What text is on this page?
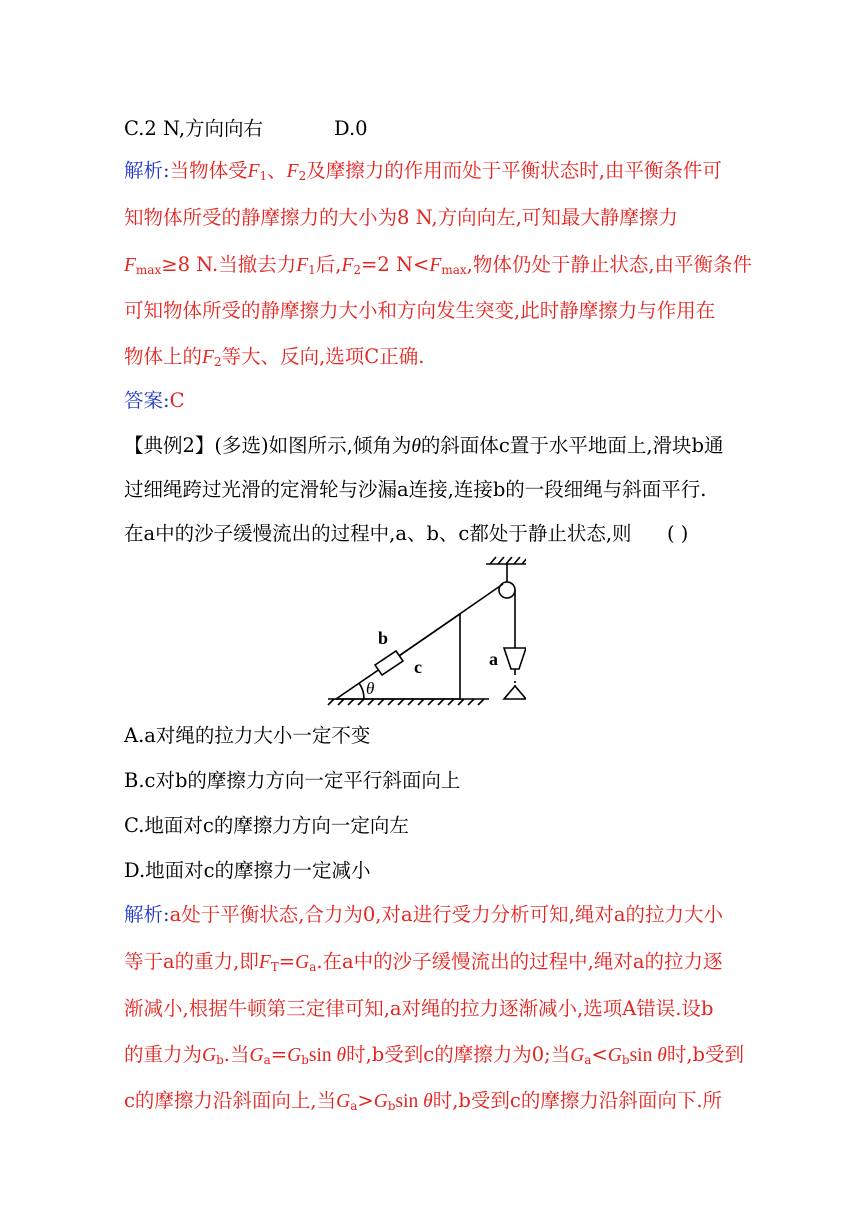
C.2 N,方向向右	D.0
解析:当物体受$F_1$、$F_2$及摩擦力的作用而处于平衡状态时,由平衡条件可
知物体所受的静摩擦力的大小为8 N,方向向左,可知最大静摩擦力
$F_{max}\ge 8$ N.当撤去力$F_1$后$,F_2=2$ $N<F_{max}$,物体仍处于静止状态,由平衡条件
可知物体所受的静摩擦力大小和方向发生突变,此时静摩擦力与作用在
物体上的$F_2$等大、反向,选项C正确.
答案:C
【典例2】(多选)如图所示,倾角为θ的斜面体c置于水平地面上,滑块b通
过细绳跨过光滑的定滑轮与沙漏a连接,连接b的一段细绳与斜面平行.
在a中的沙子缓慢流出的过程中,a、b、c都处于静止状态,则 ( )
b
c	a
θ
A.a对绳的拉力大小一定不变
B.c对b的摩擦力方向一定平行斜面向上
C.地面对c的摩擦力方向一定向左
D.地面对c的摩擦力一定减小
解析:a处于平衡状态,合力为0,对a进行受力分析可知,绳对a的拉力大小
等于a的重力,即$F_T=G_a$.在a中的沙子缓慢流出的过程中,绳对a的拉力逐
渐减小,根据牛顿第三定律可知,a对绳的拉力逐渐减小,选项A错误.设b
的重力为$G_b$.当$G_a=G_b\sin$ θ时,b受到c的摩擦力为0;当$G_a<G_b\sin$ θ时,b受到
c的摩擦力沿斜面向上,当$G_a>G_b\sin$ θ时,b受到c的摩擦力沿斜面向下.所
